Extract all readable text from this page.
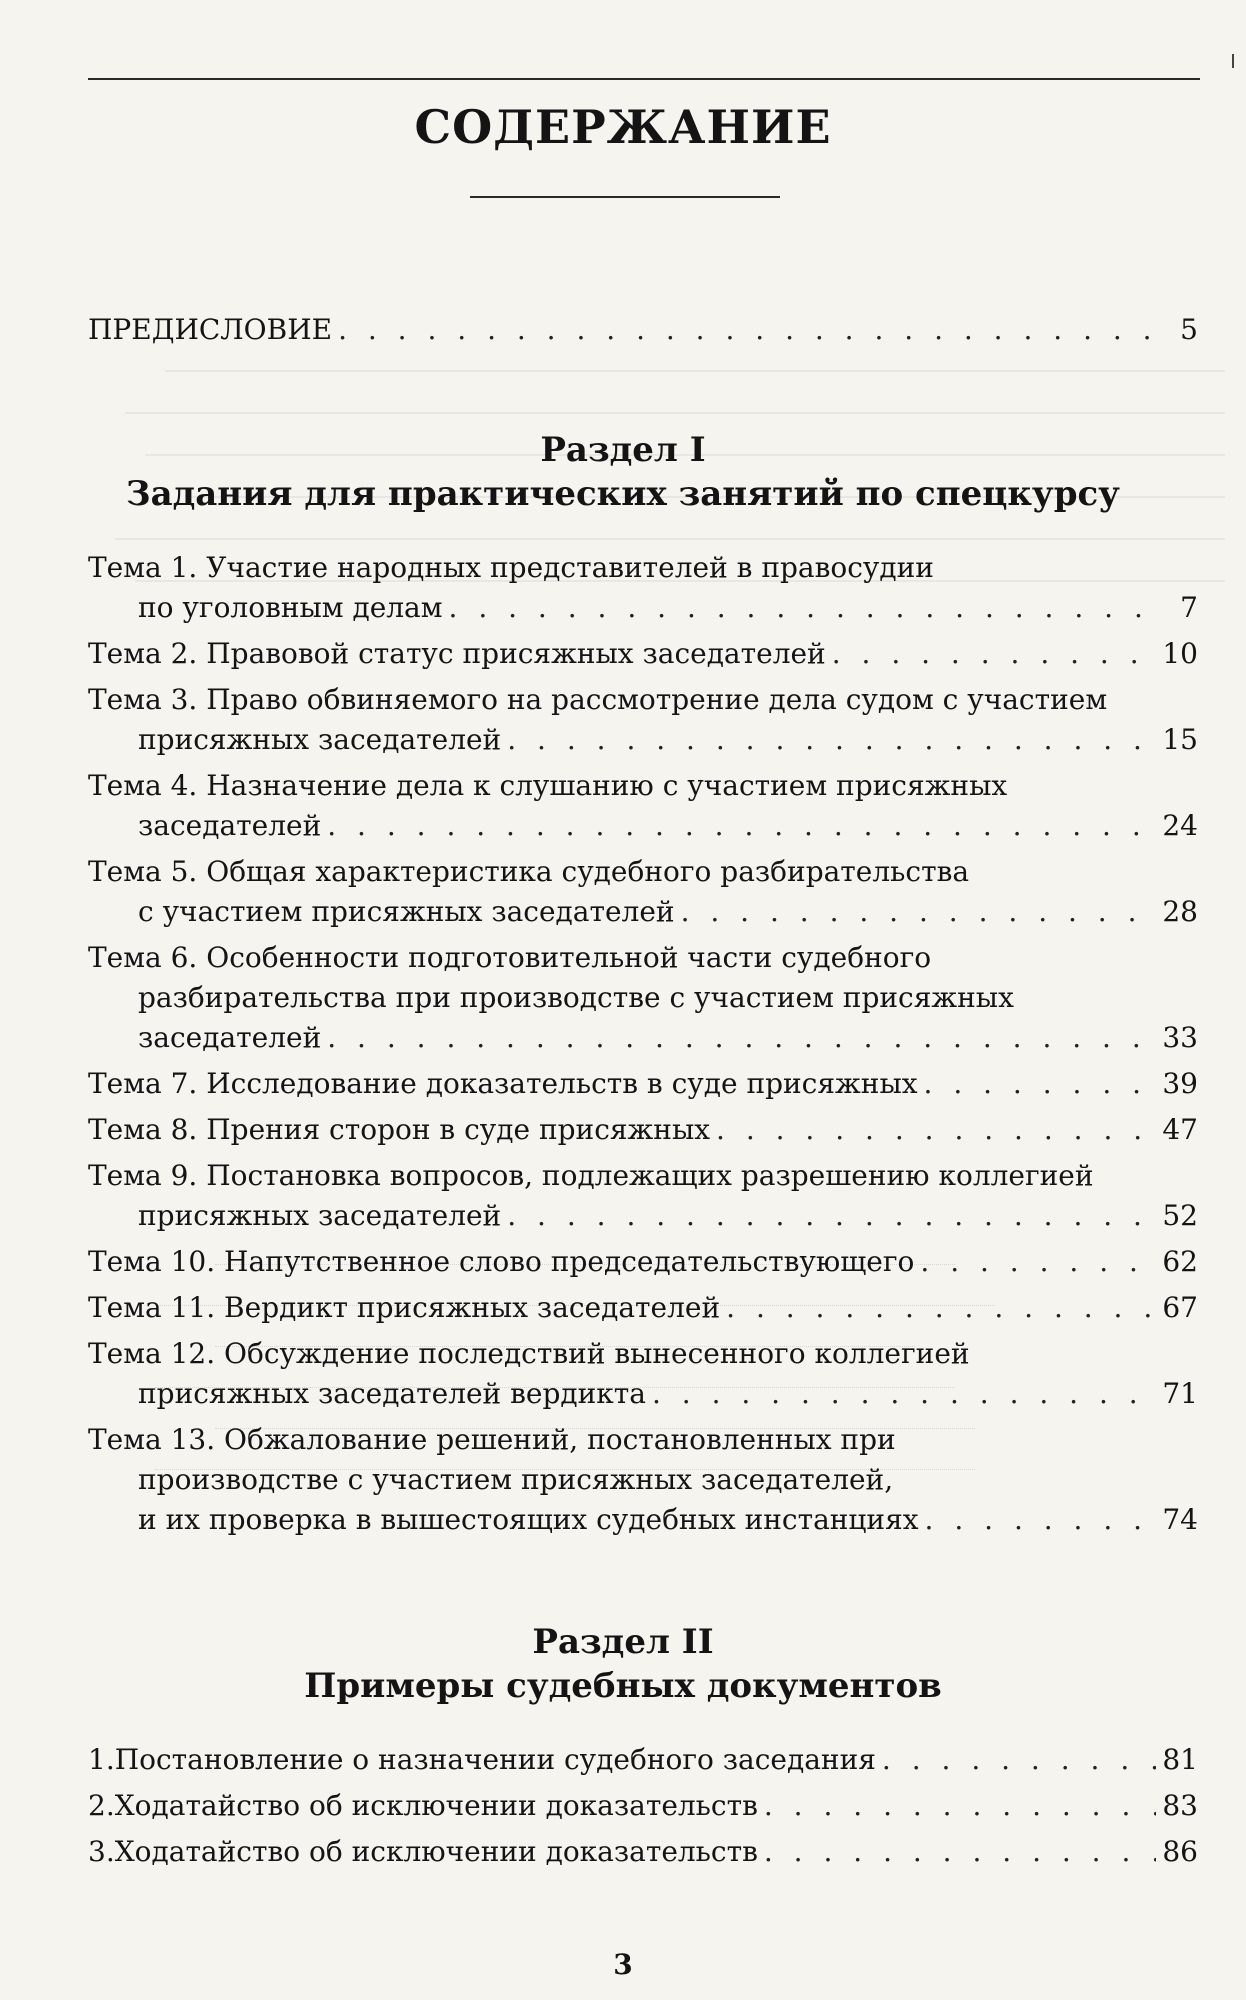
СОДЕРЖАНИЕ
ПРЕДИСЛОВИЕ . . .	5
Раздел I
Задания для практических занятий по спецкурсу
Тема 1. Участие народных представителей в правосудии
по уголовным делам . . .	7
Тема 2. Правовой статус присяжных заседателей . . .	10
Тема 3. Право обвиняемого на рассмотрение дела судом с участием
присяжных заседателей . . .	15
Тема 4. Назначение дела к слушанию с участием присяжных
заседателей . . .	24
Тема 5. Общая характеристика судебного разбирательства
с участием присяжных заседателей . . .	28
Тема 6. Особенности подготовительной части судебного
разбирательства при производстве с участием присяжных
заседателей . . .	33
Тема 7. Исследование доказательств в суде присяжных . . .	39
Тема 8. Прения сторон в суде присяжных . . .	47
Тема 9. Постановка вопросов, подлежащих разрешению коллегией
присяжных заседателей . . .	52
Тема 10. Напутственное слово председательствующего . . .	62
Тема 11. Вердикт присяжных заседателей . . .	67
Тема 12. Обсуждение последствий вынесенного коллегией
присяжных заседателей вердикта . . .	71
Тема 13. Обжалование решений, постановленных при
производстве с участием присяжных заседателей,
и их проверка в вышестоящих судебных инстанциях . . .	74
Раздел II
Примеры судебных документов
1. Постановление о назначении судебного заседания . . .	81
2. Ходатайство об исключении доказательств . . .	83
3. Ходатайство об исключении доказательств . . .	86
3
